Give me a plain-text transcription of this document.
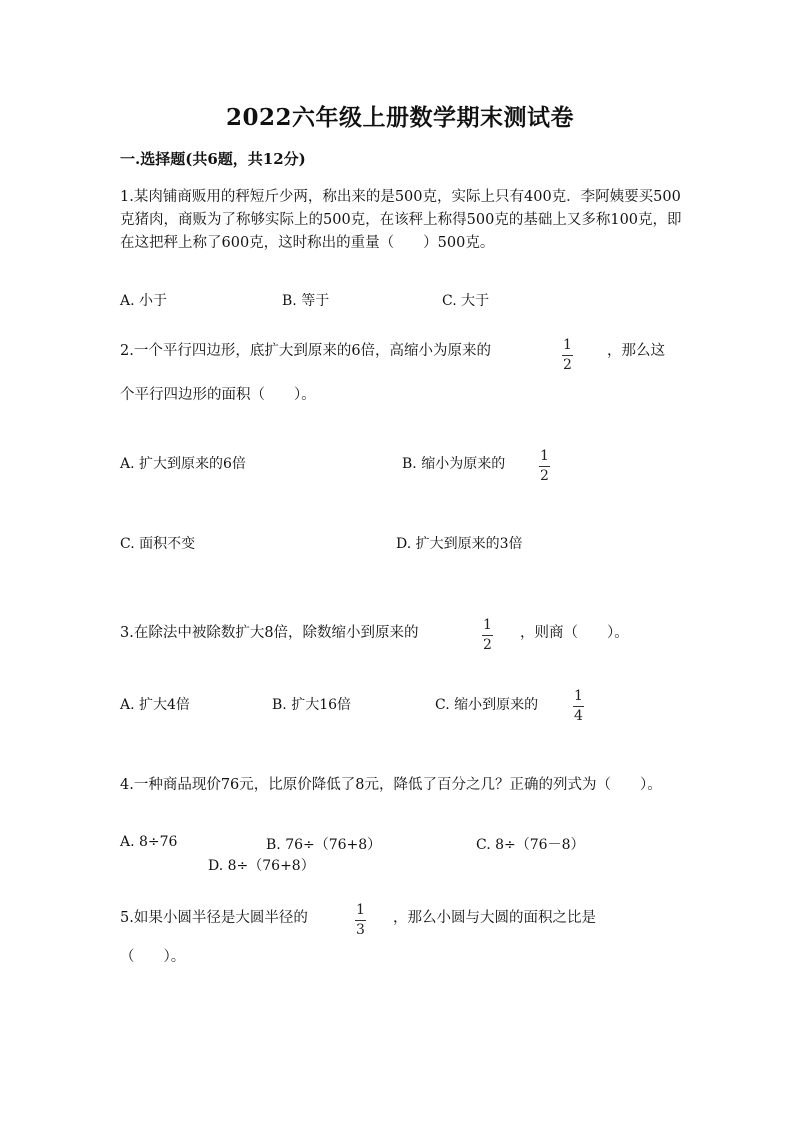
2022六年级上册数学期末测试卷
一.选择题(共6题，共12分)
1.某肉铺商贩用的秤短斤少两，称出来的是500克，实际上只有400克．李阿姨要买500克猪肉，商贩为了称够实际上的500克，在该秤上称得500克的基础上又多称100克，即在这把秤上称了600克，这时称出的重量（　　）500克。
A. 小于	B. 等于	C. 大于
2.一个平行四边形，底扩大到原来的6倍，高缩小为原来的	1
2
，那么这
个平行四边形的面积（　　）。
A. 扩大到原来的6倍	B. 缩小为原来的 1
2
C. 面积不变	D. 扩大到原来的3倍
3.在除法中被除数扩大8倍，除数缩小到原来的	1
2
，则商（　　）。
A. 扩大4倍	B. 扩大16倍	C. 缩小到原来的
1
4
4.一种商品现价76元，比原价降低了8元，降低了百分之几？正确的列式为（　　）。
A. 8÷76	B. 76÷（76+8）	C. 8÷（76－8）
D. 8÷（76+8）
5.如果小圆半径是大圆半径的	1
3
，那么小圆与大圆的面积之比是
（　　）。
